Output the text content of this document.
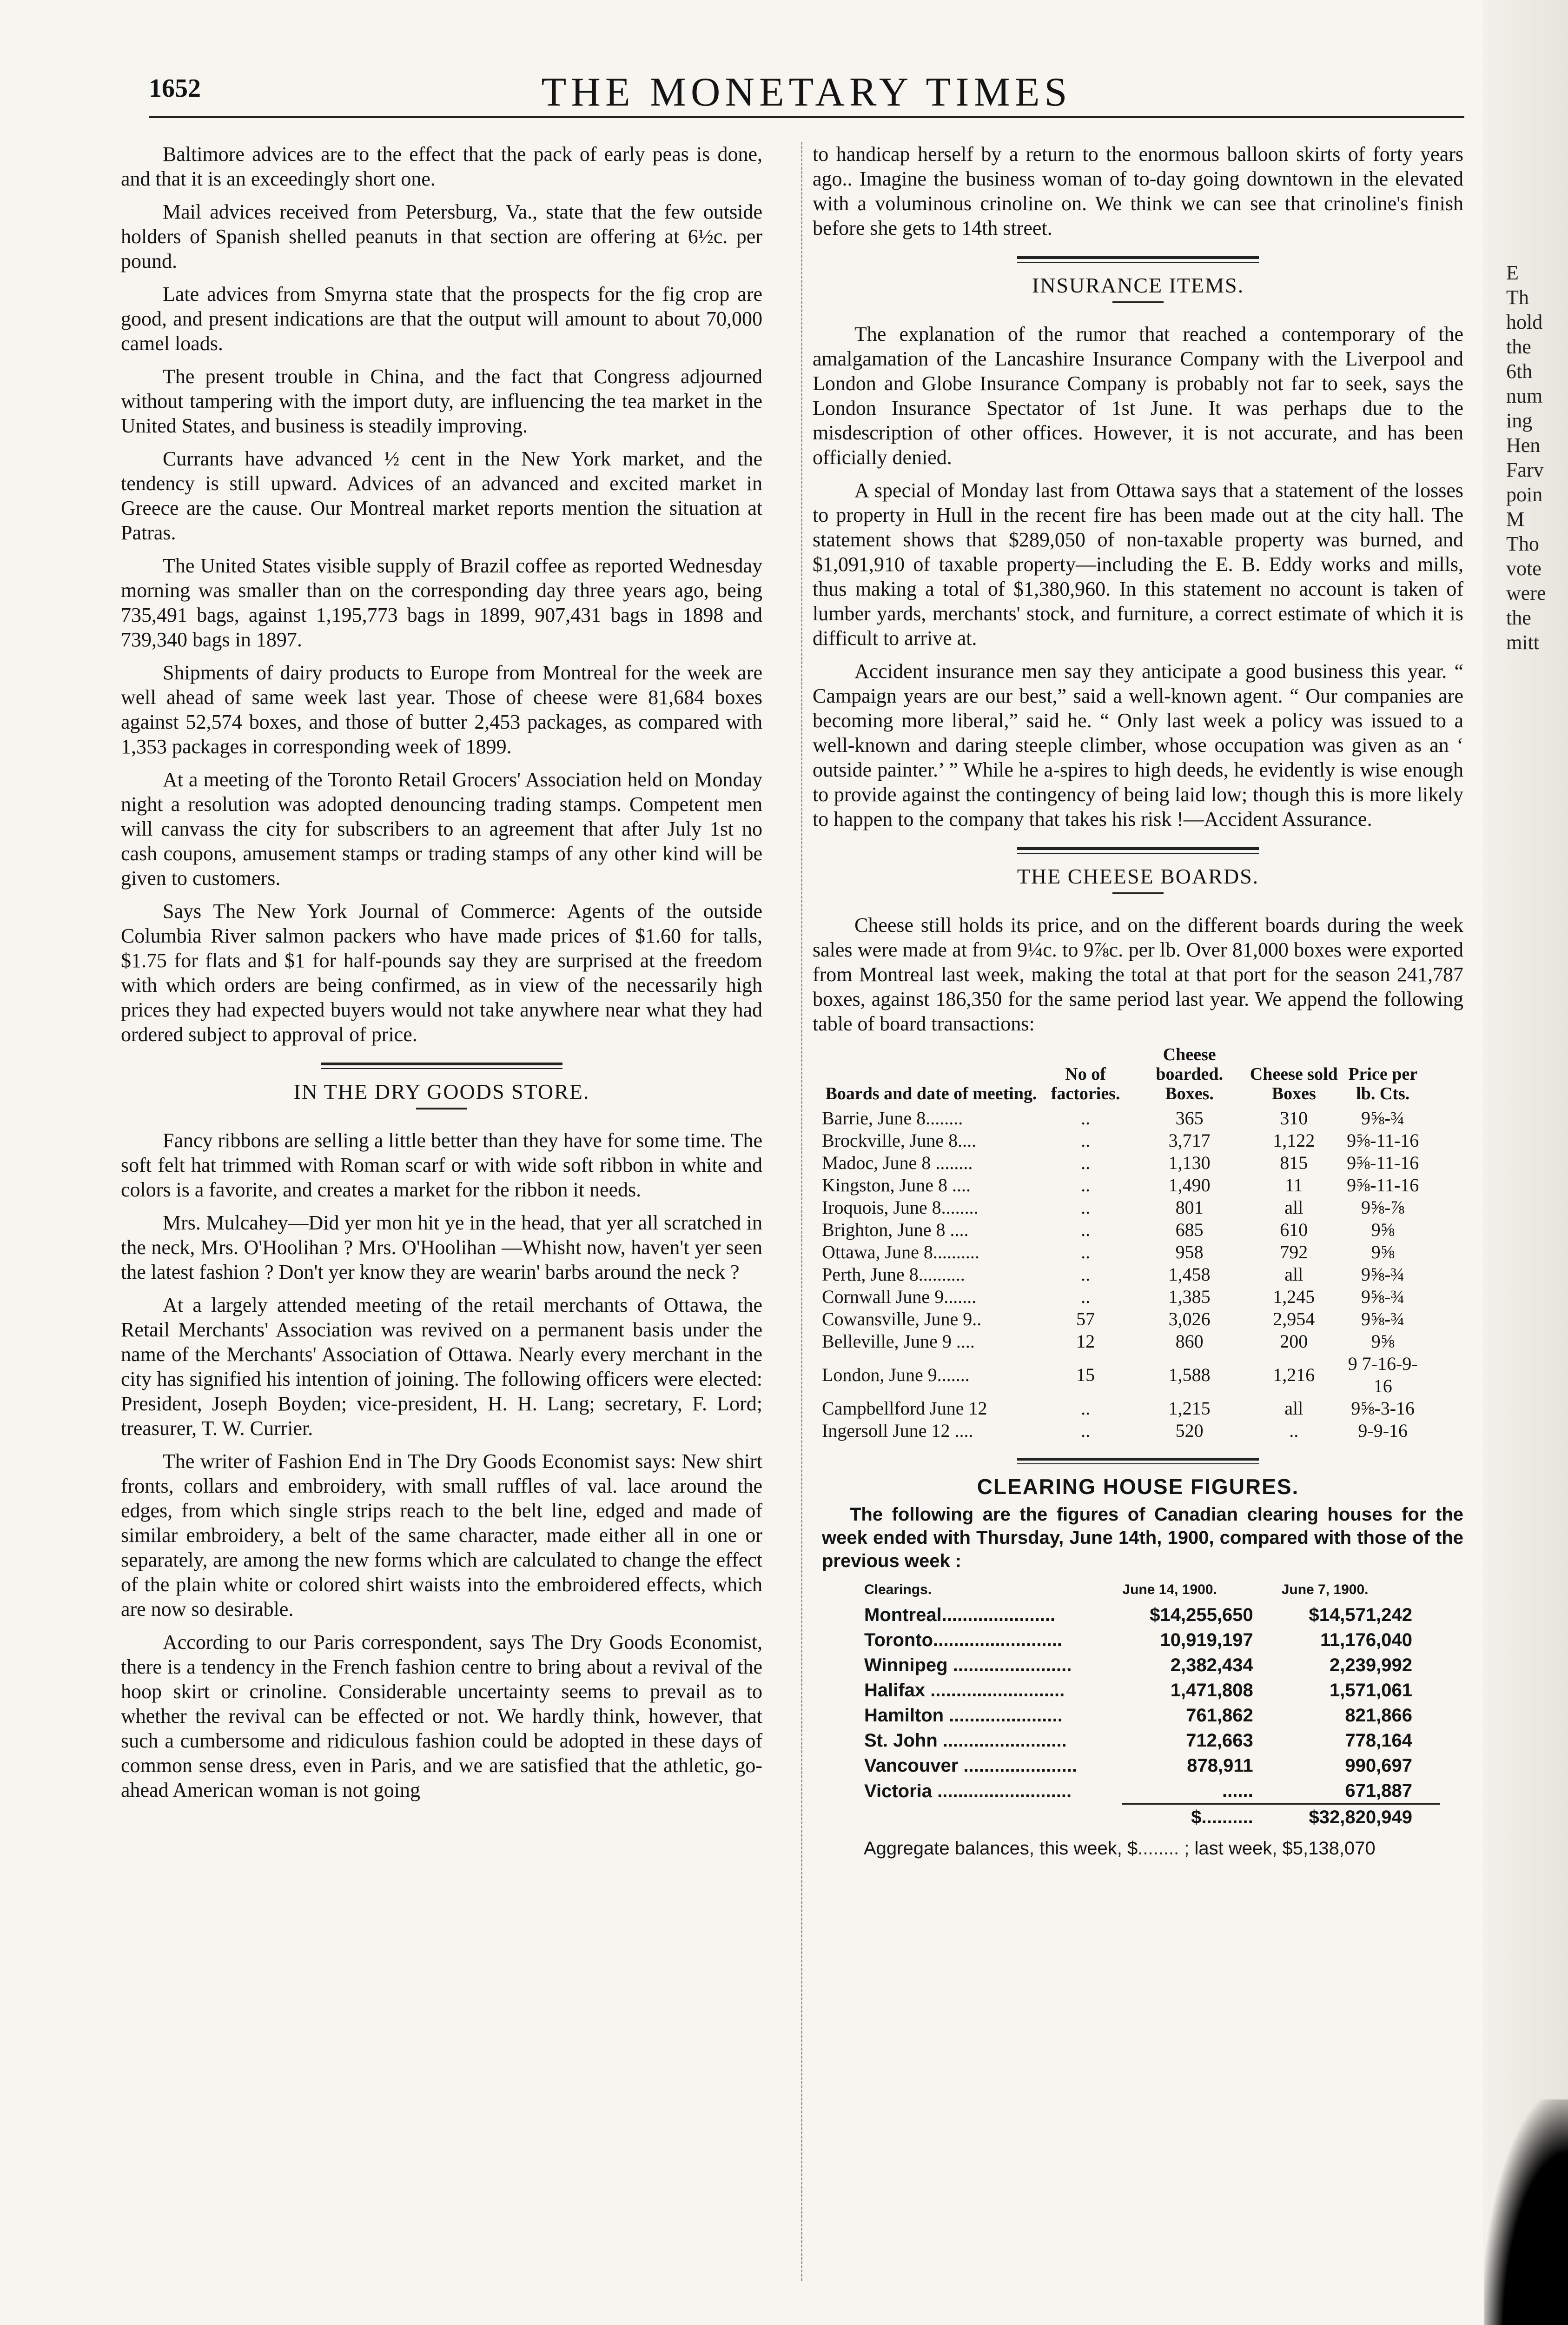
1652	THE MONETARY TIMES

Baltimore advices are to the effect that the pack of early peas is done, and that it is an exceedingly short one.

Mail advices received from Petersburg, Va., state that the few outside holders of Spanish shelled peanuts in that section are offering at 6½c. per pound.

Late advices from Smyrna state that the prospects for the fig crop are good, and present indications are that the output will amount to about 70,000 camel loads.

The present trouble in China, and the fact that Congress adjourned without tampering with the import duty, are influencing the tea market in the United States, and business is steadily improving.

Currants have advanced ½ cent in the New York market, and the tendency is still upward. Advices of an advanced and excited market in Greece are the cause. Our Montreal market reports mention the situation at Patras.

The United States visible supply of Brazil coffee as reported Wednesday morning was smaller than on the corresponding day three years ago, being 735,491 bags, against 1,195,773 bags in 1899, 907,431 bags in 1898 and 739,340 bags in 1897.

Shipments of dairy products to Europe from Montreal for the week are well ahead of same week last year. Those of cheese were 81,684 boxes against 52,574 boxes, and those of butter 2,453 packages, as compared with 1,353 packages in corresponding week of 1899.

At a meeting of the Toronto Retail Grocers' Association held on Monday night a resolution was adopted denouncing trading stamps. Competent men will canvass the city for subscribers to an agreement that after July 1st no cash coupons, amusement stamps or trading stamps of any other kind will be given to customers.

Says The New York Journal of Commerce: Agents of the outside Columbia River salmon packers who have made prices of $1.60 for talls, $1.75 for flats and $1 for half-pounds say they are surprised at the freedom with which orders are being confirmed, as in view of the necessarily high prices they had expected buyers would not take anywhere near what they had ordered subject to approval of price.

IN THE DRY GOODS STORE.

Fancy ribbons are selling a little better than they have for some time. The soft felt hat trimmed with Roman scarf or with wide soft ribbon in white and colors is a favorite, and creates a market for the ribbon it needs.

Mrs. Mulcahey—Did yer mon hit ye in the head, that yer all scratched in the neck, Mrs. O'Hoolihan ? Mrs. O'Hoolihan —Whisht now, haven't yer seen the latest fashion ? Don't yer know they are wearin' barbs around the neck ?

At a largely attended meeting of the retail merchants of Ottawa, the Retail Merchants' Association was revived on a permanent basis under the name of the Merchants' Association of Ottawa. Nearly every merchant in the city has signified his intention of joining. The following officers were elected: President, Joseph Boyden; vice-president, H. H. Lang; secretary, F. Lord; treasurer, T. W. Currier.

The writer of Fashion End in The Dry Goods Economist says: New shirt fronts, collars and embroidery, with small ruffles of val. lace around the edges, from which single strips reach to the belt line, edged and made of similar embroidery, a belt of the same character, made either all in one or separately, are among the new forms which are calculated to change the effect of the plain white or colored shirt waists into the embroidered effects, which are now so desirable.

According to our Paris correspondent, says The Dry Goods Economist, there is a tendency in the French fashion centre to bring about a revival of the hoop skirt or crinoline. Considerable uncertainty seems to prevail as to whether the revival can be effected or not. We hardly think, however, that such a cumbersome and ridiculous fashion could be adopted in these days of common sense dress, even in Paris, and we are satisfied that the athletic, go-ahead American woman is not going

to handicap herself by a return to the enormous balloon skirts of forty years ago.. Imagine the business woman of to-day going downtown in the elevated with a voluminous crinoline on. We think we can see that crinoline's finish before she gets to 14th street.

INSURANCE ITEMS.

The explanation of the rumor that reached a contemporary of the amalgamation of the Lancashire Insurance Company with the Liverpool and London and Globe Insurance Company is probably not far to seek, says the London Insurance Spectator of 1st June. It was perhaps due to the misdescription of other offices. However, it is not accurate, and has been officially denied.

A special of Monday last from Ottawa says that a statement of the losses to property in Hull in the recent fire has been made out at the city hall. The statement shows that $289,050 of non-taxable property was burned, and $1,091,910 of taxable property—including the E. B. Eddy works and mills, thus making a total of $1,380,960. In this statement no account is taken of lumber yards, merchants' stock, and furniture, a correct estimate of which it is difficult to arrive at.

Accident insurance men say they anticipate a good business this year. “ Campaign years are our best,” said a well-known agent. “ Our companies are becoming more liberal,” said he. “ Only last week a policy was issued to a well-known and daring steeple climber, whose occupation was given as an ‘ outside painter.’ ” While he a-spires to high deeds, he evidently is wise enough to provide against the contingency of being laid low; though this is more likely to happen to the company that takes his risk !—Accident Assurance.

THE CHEESE BOARDS.

Cheese still holds its price, and on the different boards during the week sales were made at from 9¼c. to 9⅞c. per lb. Over 81,000 boxes were exported from Montreal last week, making the total at that port for the season 241,787 boxes, against 186,350 for the same period last year. We append the following table of board transactions:

Boards and date of meeting.	No of factories.	Cheese boarded. Boxes.	Cheese sold Boxes	Price per lb. Cts.
Barrie, June 8........	..	365	310	9⅝-¾
Brockville, June 8....	..	3,717	1,122	9⅝-11-16
Madoc, June 8 ........	..	1,130	815	9⅝-11-16
Kingston, June 8 ....	..	1,490	11	9⅝-11-16
Iroquois, June 8........	..	801	all	9⅝-⅞
Brighton, June 8 ....	..	685	610	9⅝
Ottawa, June 8..........	..	958	792	9⅝
Perth, June 8..........	..	1,458	all	9⅝-¾
Cornwall June 9.......	..	1,385	1,245	9⅝-¾
Cowansville, June 9..	57	3,026	2,954	9⅝-¾
Belleville, June 9 ....	12	860	200	9⅝
London, June 9.......	15	1,588	1,216	9 7-16-9-16
Campbellford June 12	..	1,215	all	9⅝-3-16
Ingersoll June 12 ....	..	520	..	9-9-16
CLEARING HOUSE FIGURES.

The following are the figures of Canadian clearing houses for the week ended with Thursday, June 14th, 1900, compared with those of the previous week :

Clearings.	June 14, 1900.	June 7, 1900.
Montreal......................	$14,255,650	$14,571,242
Toronto.........................	10,919,197	11,176,040
Winnipeg .......................	2,382,434	2,239,992
Halifax ..........................	1,471,808	1,571,061
Hamilton ......................	761,862	821,866
St. John ........................	712,663	778,164
Vancouver ......................	878,911	990,697
Victoria ..........................	......	671,887
	$..........	$32,820,949
Aggregate balances, this week, $........ ; last week, $5,138,070
E
Th
hold
the
6th
num
ing
Hen
Farv
poin
M
Tho
vote
were
the
mitt
